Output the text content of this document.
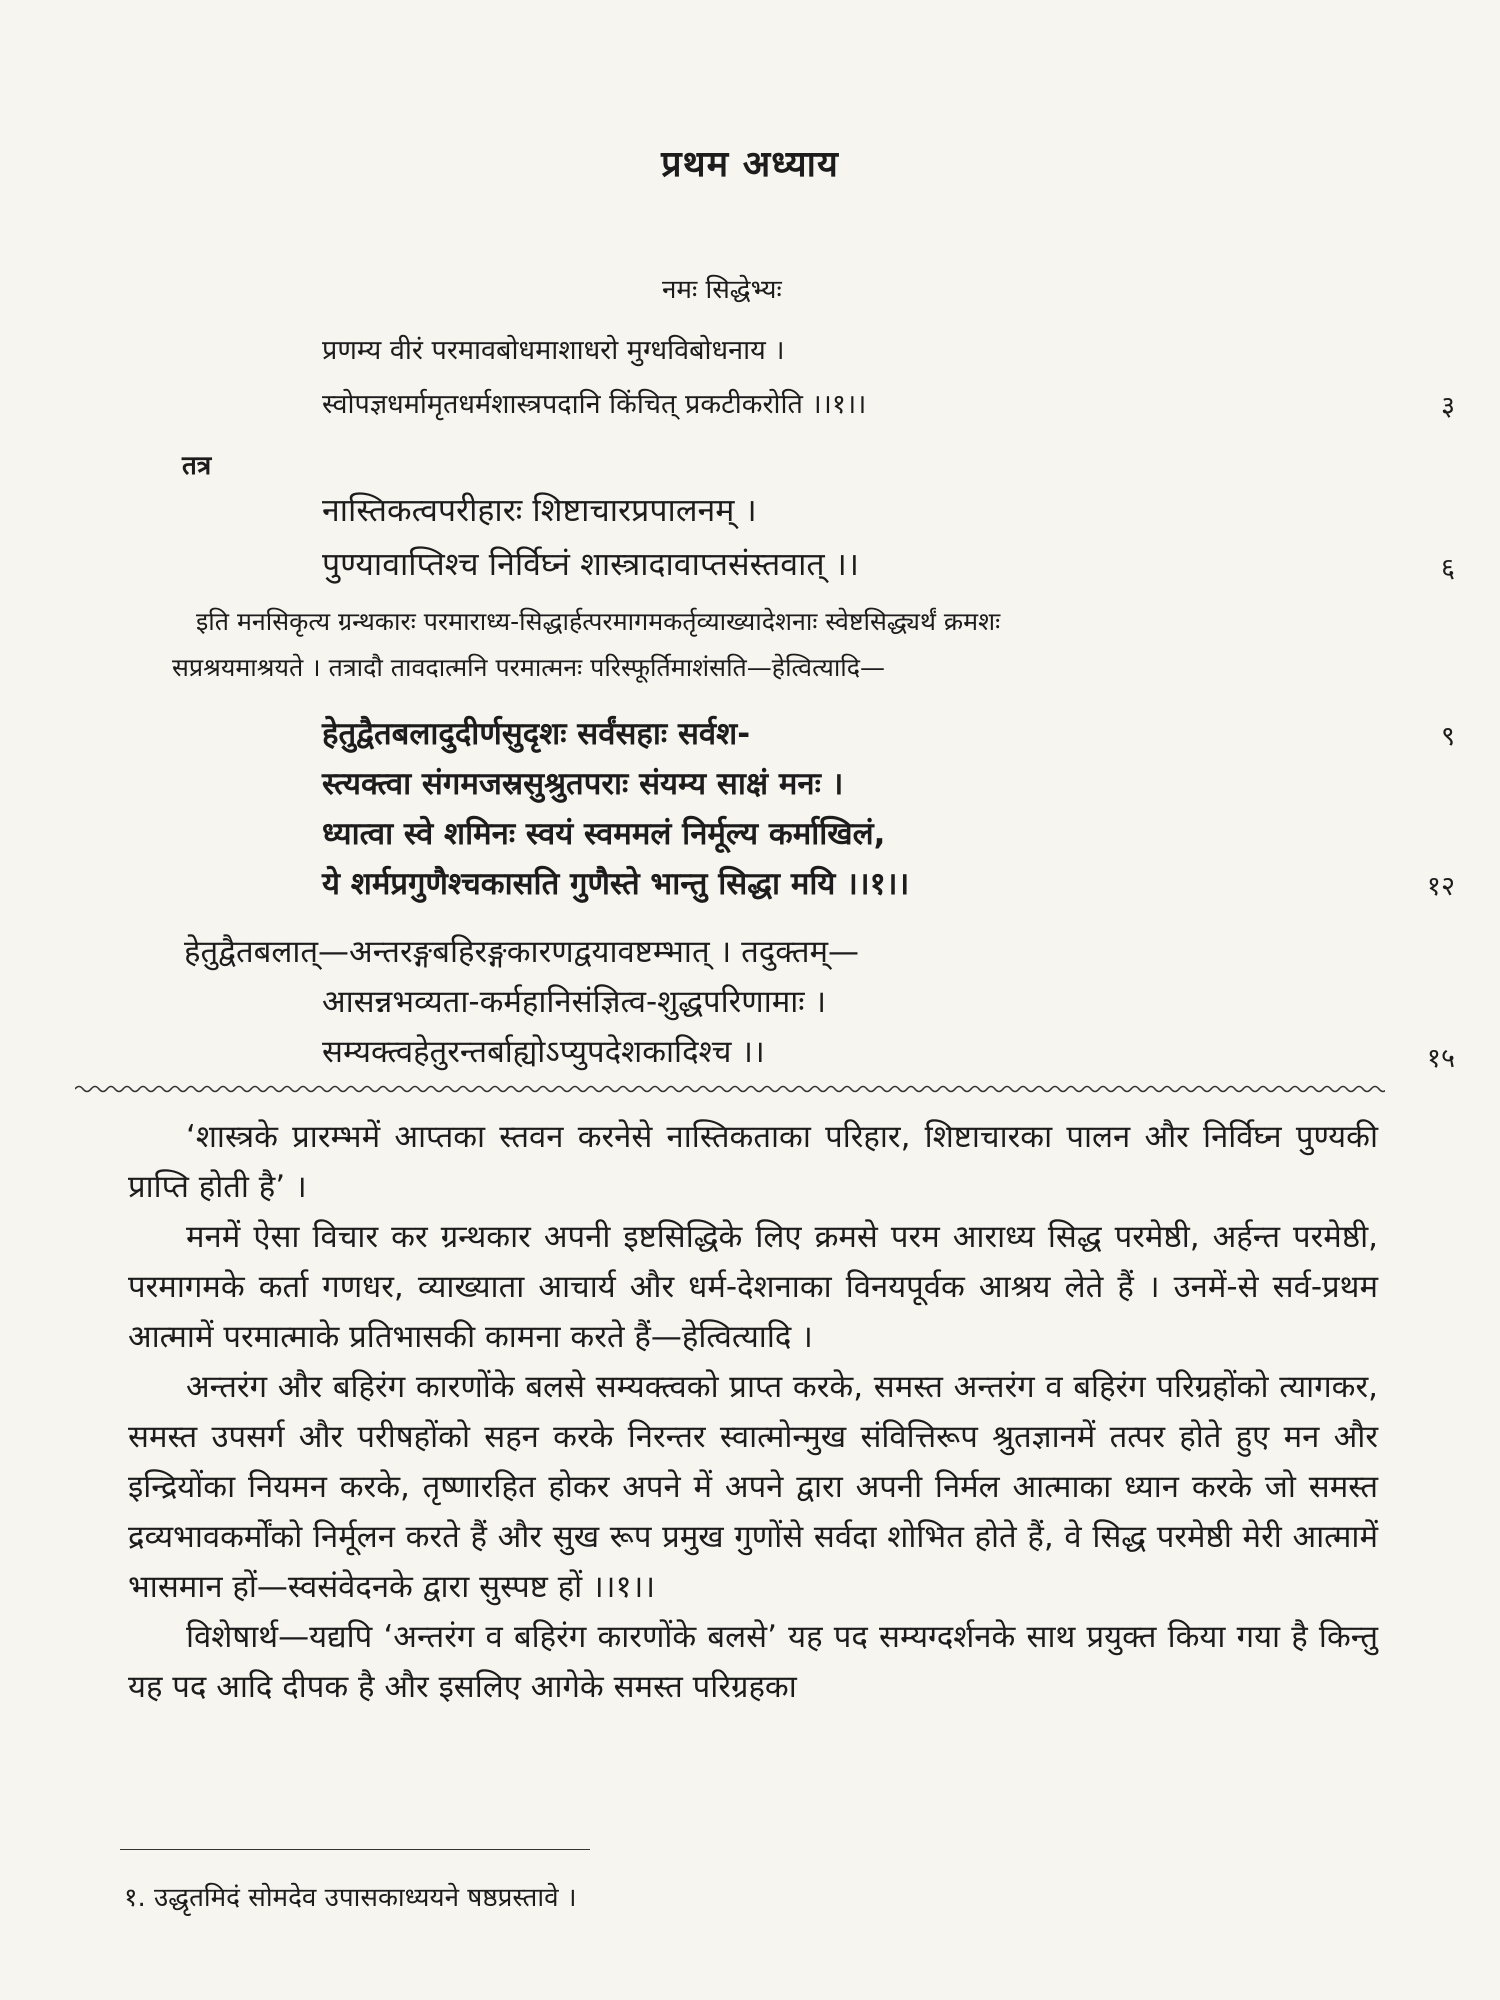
प्रथम अध्याय
नमः सिद्धेभ्यः
प्रणम्य वीरं परमावबोधमाशाधरो मुग्धविबोधनाय ।
स्वोपज्ञधर्मामृतधर्मशास्त्रपदानि किंचित् प्रकटीकरोति ।।१।।	३
तत्र
नास्तिकत्वपरीहारः शिष्टाचारप्रपालनम् ।
पुण्यावाप्तिश्च निर्विघ्नं शास्त्रादावाप्तसंस्तवात् ।।	६
इति मनसिकृत्य ग्रन्थकारः परमाराध्य-सिद्धार्हत्परमागमकर्तृव्याख्यादेशनाः स्वेष्टसिद्ध्यर्थं क्रमशः
सप्रश्रयमाश्रयते । तत्रादौ तावदात्मनि परमात्मनः परिस्फूर्तिमाशंसति—हेत्वित्यादि—
हेतुद्वैतबलादुदीर्णसुदृशः सर्वंसहाः सर्वश-	९
स्त्यक्त्वा संगमजस्रसुश्रुतपराः संयम्य साक्षं मनः ।
ध्यात्वा स्वे शमिनः स्वयं स्वममलं निर्मूल्य कर्माखिलं,
ये शर्मप्रगुणैश्चकासति गुणैस्ते भान्तु सिद्धा मयि ।।१।।	१२
हेतुद्वैतबलात्—अन्तरङ्गबहिरङ्गकारणद्वयावष्टम्भात् । तदुक्तम्—
आसन्नभव्यता-कर्महानिसंज्ञित्व-शुद्धपरिणामाः ।
सम्यक्त्वहेतुरन्तर्बाह्योऽप्युपदेशकादिश्च ।।	१५

‘शास्त्रके प्रारम्भमें आप्तका स्तवन करनेसे नास्तिकताका परिहार, शिष्टाचारका पालन और निर्विघ्न पुण्यकी प्राप्ति होती है’ ।

मनमें ऐसा विचार कर ग्रन्थकार अपनी इष्टसिद्धिके लिए क्रमसे परम आराध्य सिद्ध परमेष्ठी, अर्हन्त परमेष्ठी, परमागमके कर्ता गणधर, व्याख्याता आचार्य और धर्म-देशनाका विनयपूर्वक आश्रय लेते हैं । उनमें-से सर्व-प्रथम आत्मामें परमात्माके प्रतिभासकी कामना करते हैं—हेत्वित्यादि ।

अन्तरंग और बहिरंग कारणोंके बलसे सम्यक्त्वको प्राप्त करके, समस्त अन्तरंग व बहिरंग परिग्रहोंको त्यागकर, समस्त उपसर्ग और परीषहोंको सहन करके निरन्तर स्वात्मोन्मुख संवित्तिरूप श्रुतज्ञानमें तत्पर होते हुए मन और इन्द्रियोंका नियमन करके, तृष्णारहित होकर अपने में अपने द्वारा अपनी निर्मल आत्माका ध्यान करके जो समस्त द्रव्यभावकर्मोंको निर्मूलन करते हैं और सुख रूप प्रमुख गुणोंसे सर्वदा शोभित होते हैं, वे सिद्ध परमेष्ठी मेरी आत्मामें भासमान हों—स्वसंवेदनके द्वारा सुस्पष्ट हों ।।१।।

विशेषार्थ—यद्यपि ‘अन्तरंग व बहिरंग कारणोंके बलसे’ यह पद सम्यग्दर्शनके साथ प्रयुक्त किया गया है किन्तु यह पद आदि दीपक है और इसलिए आगेके समस्त परिग्रहका

१. उद्धृतमिदं सोमदेव उपासकाध्ययने षष्ठप्रस्तावे ।
